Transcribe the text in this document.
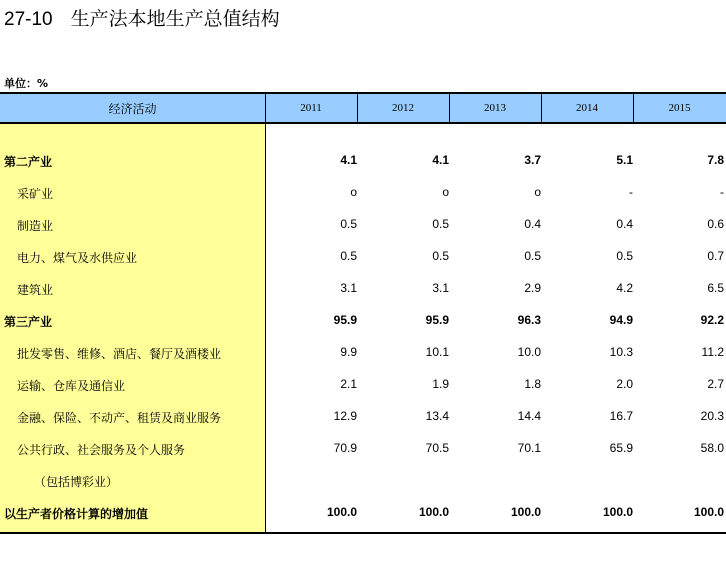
27-10 生产法本地生产总值结构
单位：%
经济活动	2011	2012	2013	2014	2015
第二产业	4.1	4.1	3.7	5.1	7.8
采矿业	o	o	o	-	-
制造业	0.5	0.5	0.4	0.4	0.6
电力、煤气及水供应业	0.5	0.5	0.5	0.5	0.7
建筑业	3.1	3.1	2.9	4.2	6.5
第三产业	95.9	95.9	96.3	94.9	92.2
批发零售、维修、酒店、餐厅及酒楼业	9.9	10.1	10.0	10.3	11.2
运输、仓库及通信业	2.1	1.9	1.8	2.0	2.7
金融、保险、不动产、租赁及商业服务	12.9	13.4	14.4	16.7	20.3
公共行政、社会服务及个人服务	70.9	70.5	70.1	65.9	58.0
（包括博彩业）
以生产者价格计算的增加值	100.0	100.0	100.0	100.0	100.0
